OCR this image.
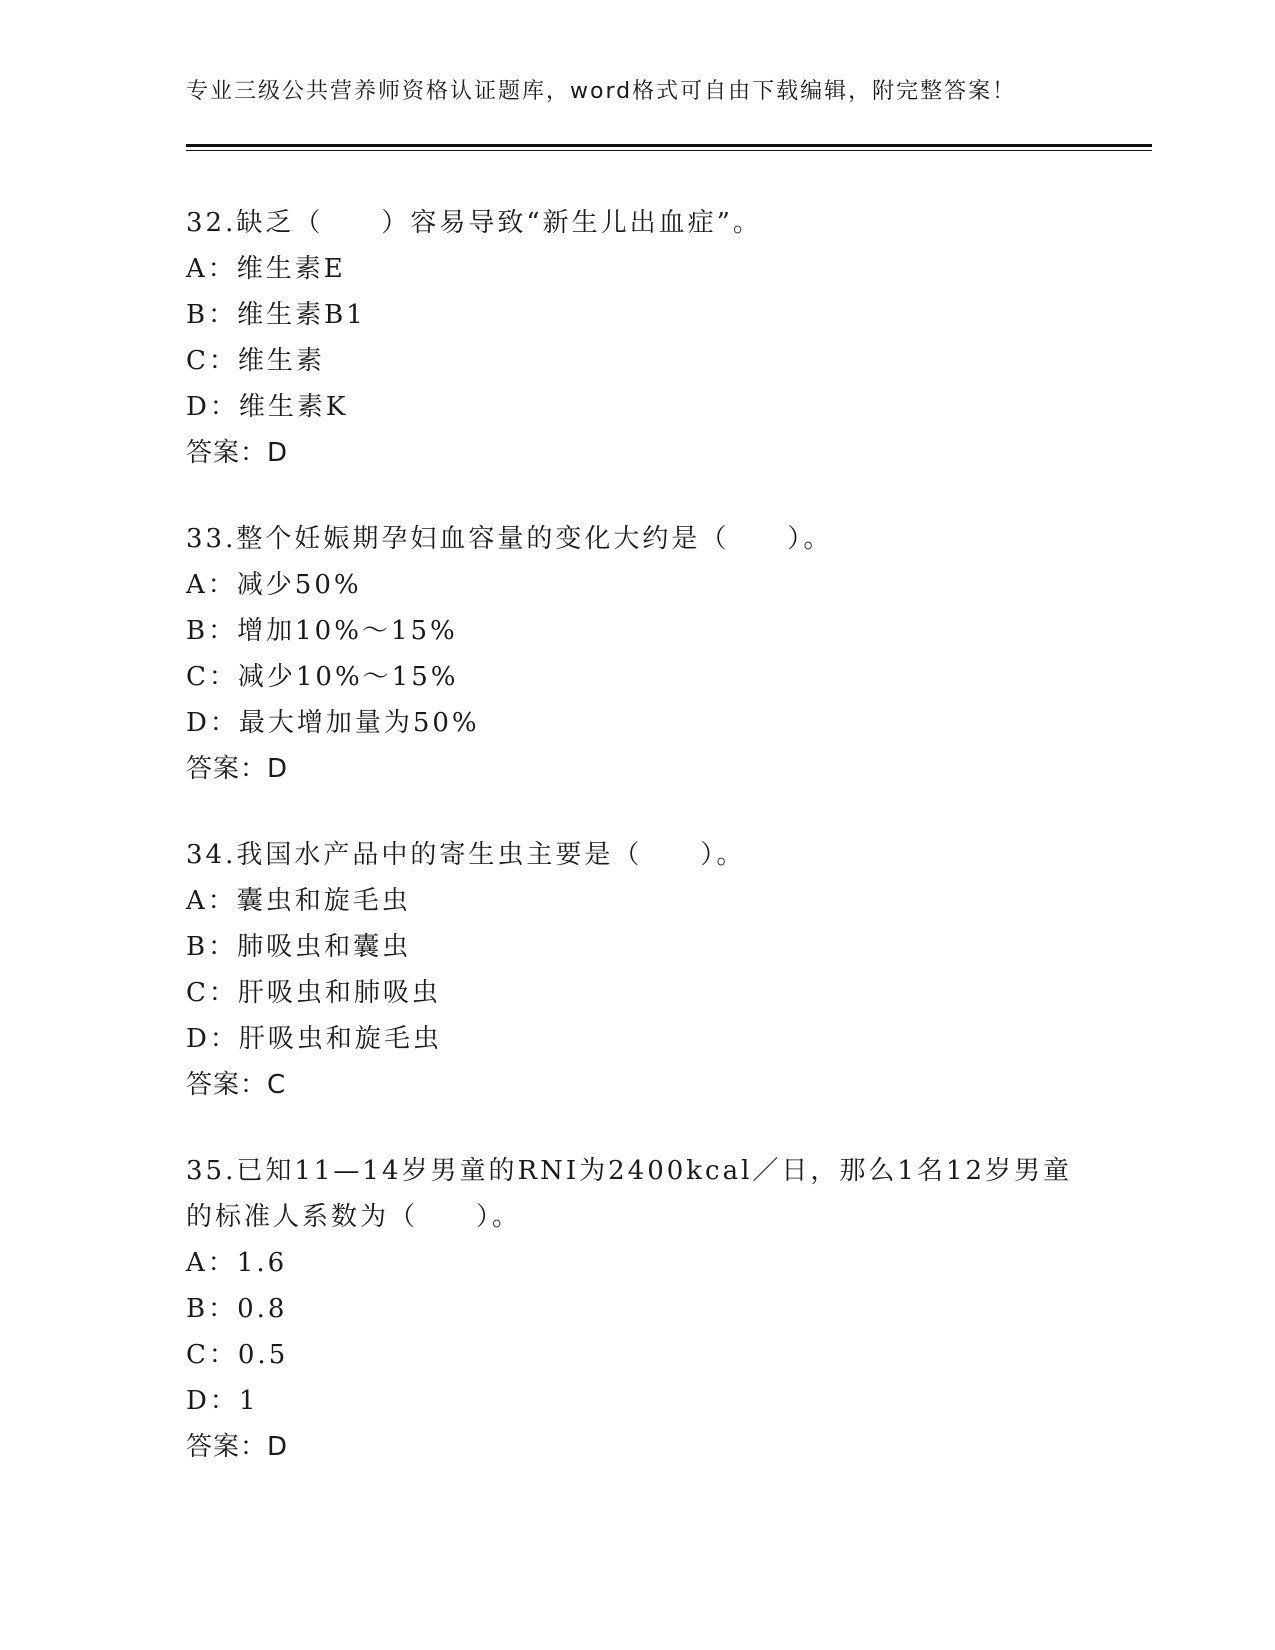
专业三级公共营养师资格认证题库，word格式可自由下载编辑，附完整答案！
32.缺乏（　　）容易导致“新生儿出血症”。
A：维生素E
B：维生素B1
C：维生素
D：维生素K
答案：D
33.整个妊娠期孕妇血容量的变化大约是（　　）。
A：减少50%
B：增加10%～15%
C：减少10%～15%
D：最大增加量为50%
答案：D
34.我国水产品中的寄生虫主要是（　　）。
A：囊虫和旋毛虫
B：肺吸虫和囊虫
C：肝吸虫和肺吸虫
D：肝吸虫和旋毛虫
答案：C
35.已知11—14岁男童的RNI为2400kcal／日，那么1名12岁男童的标准人系数为（　　）。
A：1.6
B：0.8
C：0.5
D：1
答案：D
